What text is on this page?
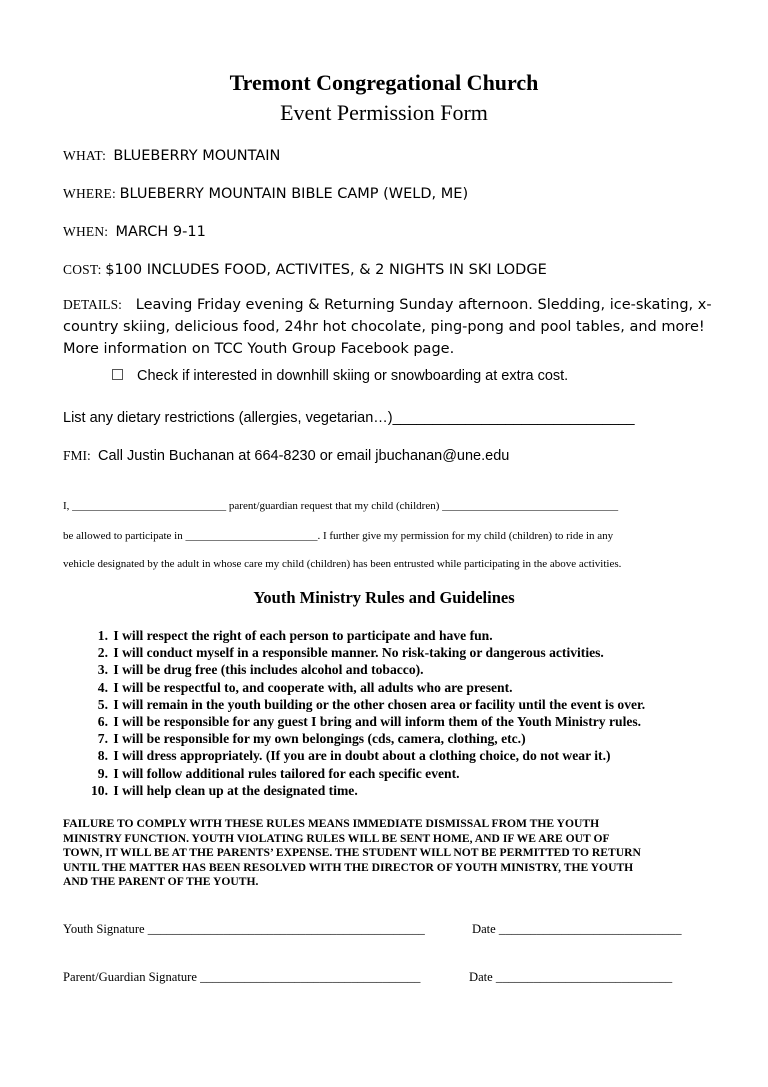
Tremont Congregational Church
Event Permission Form
WHAT: BLUEBERRY MOUNTAIN
WHERE: BLUEBERRY MOUNTAIN BIBLE CAMP (WELD, ME)
WHEN: MARCH 9-11
COST: $100 INCLUDES FOOD, ACTIVITES, & 2 NIGHTS IN SKI LODGE
DETAILS: Leaving Friday evening & Returning Sunday afternoon. Sledding, ice-skating, x-country skiing, delicious food, 24hr hot chocolate, ping-pong and pool tables, and more! More information on TCC Youth Group Facebook page.
Check if interested in downhill skiing or snowboarding at extra cost.
List any dietary restrictions (allergies, vegetarian…)______________________________
FMI: Call Justin Buchanan at 664-8230 or email jbuchanan@une.edu
I, ____________________________ parent/guardian request that my child (children) ________________________________
be allowed to participate in ________________________. I further give my permission for my child (children) to ride in any
vehicle designated by the adult in whose care my child (children) has been entrusted while participating in the above activities.
Youth Ministry Rules and Guidelines
1. I will respect the right of each person to participate and have fun.
2. I will conduct myself in a responsible manner. No risk-taking or dangerous activities.
3. I will be drug free (this includes alcohol and tobacco).
4. I will be respectful to, and cooperate with, all adults who are present.
5. I will remain in the youth building or the other chosen area or facility until the event is over.
6. I will be responsible for any guest I bring and will inform them of the Youth Ministry rules.
7. I will be responsible for my own belongings (cds, camera, clothing, etc.)
8. I will dress appropriately. (If you are in doubt about a clothing choice, do not wear it.)
9. I will follow additional rules tailored for each specific event.
10. I will help clean up at the designated time.
FAILURE TO COMPLY WITH THESE RULES MEANS IMMEDIATE DISMISSAL FROM THE YOUTH
MINISTRY FUNCTION. YOUTH VIOLATING RULES WILL BE SENT HOME, AND IF WE ARE OUT OF
TOWN, IT WILL BE AT THE PARENTS’ EXPENSE. THE STUDENT WILL NOT BE PERMITTED TO RETURN
UNTIL THE MATTER HAS BEEN RESOLVED WITH THE DIRECTOR OF YOUTH MINISTRY, THE YOUTH
AND THE PARENT OF THE YOUTH.
Youth Signature ____________________________________________	Date _____________________________
Parent/Guardian Signature ___________________________________	Date ____________________________
